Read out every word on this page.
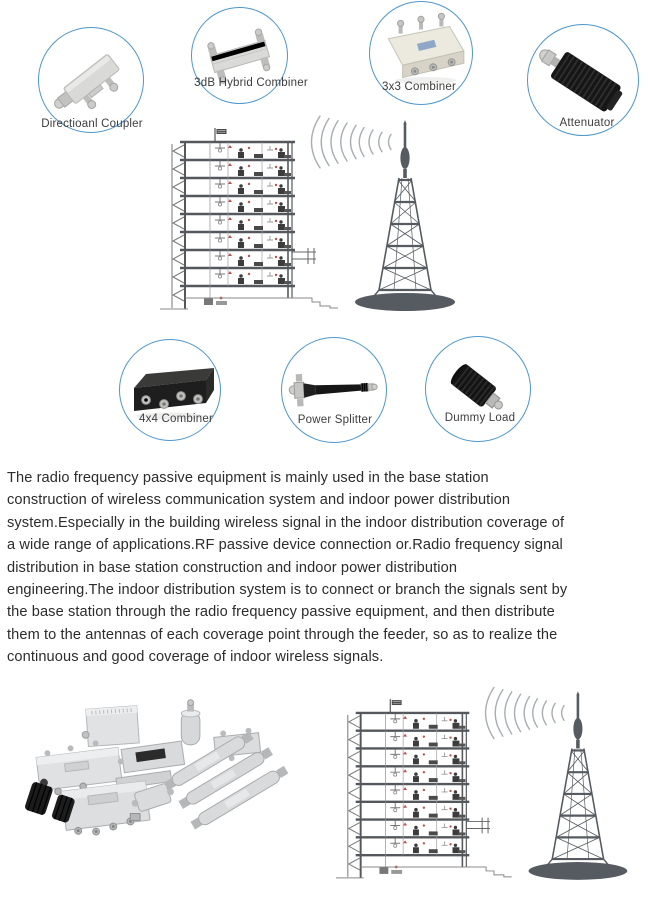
Directioanl Coupler
3dB Hybrid Combiner	3x3 Combiner
Attenuator
4x4 Combiner	Power Splitter	Dummy Load
The radio frequency passive equipment is mainly used in the base station
construction of wireless communication system and indoor power distribution
system.Especially in the building wireless signal in the indoor distribution coverage of
a wide range of applications.RF passive device connection or.Radio frequency signal
distribution in base station construction and indoor power distribution
engineering.The indoor distribution system is to connect or branch the signals sent by
the base station through the radio frequency passive equipment, and then distribute
them to the antennas of each coverage point through the feeder, so as to realize the
continuous and good coverage of indoor wireless signals.
